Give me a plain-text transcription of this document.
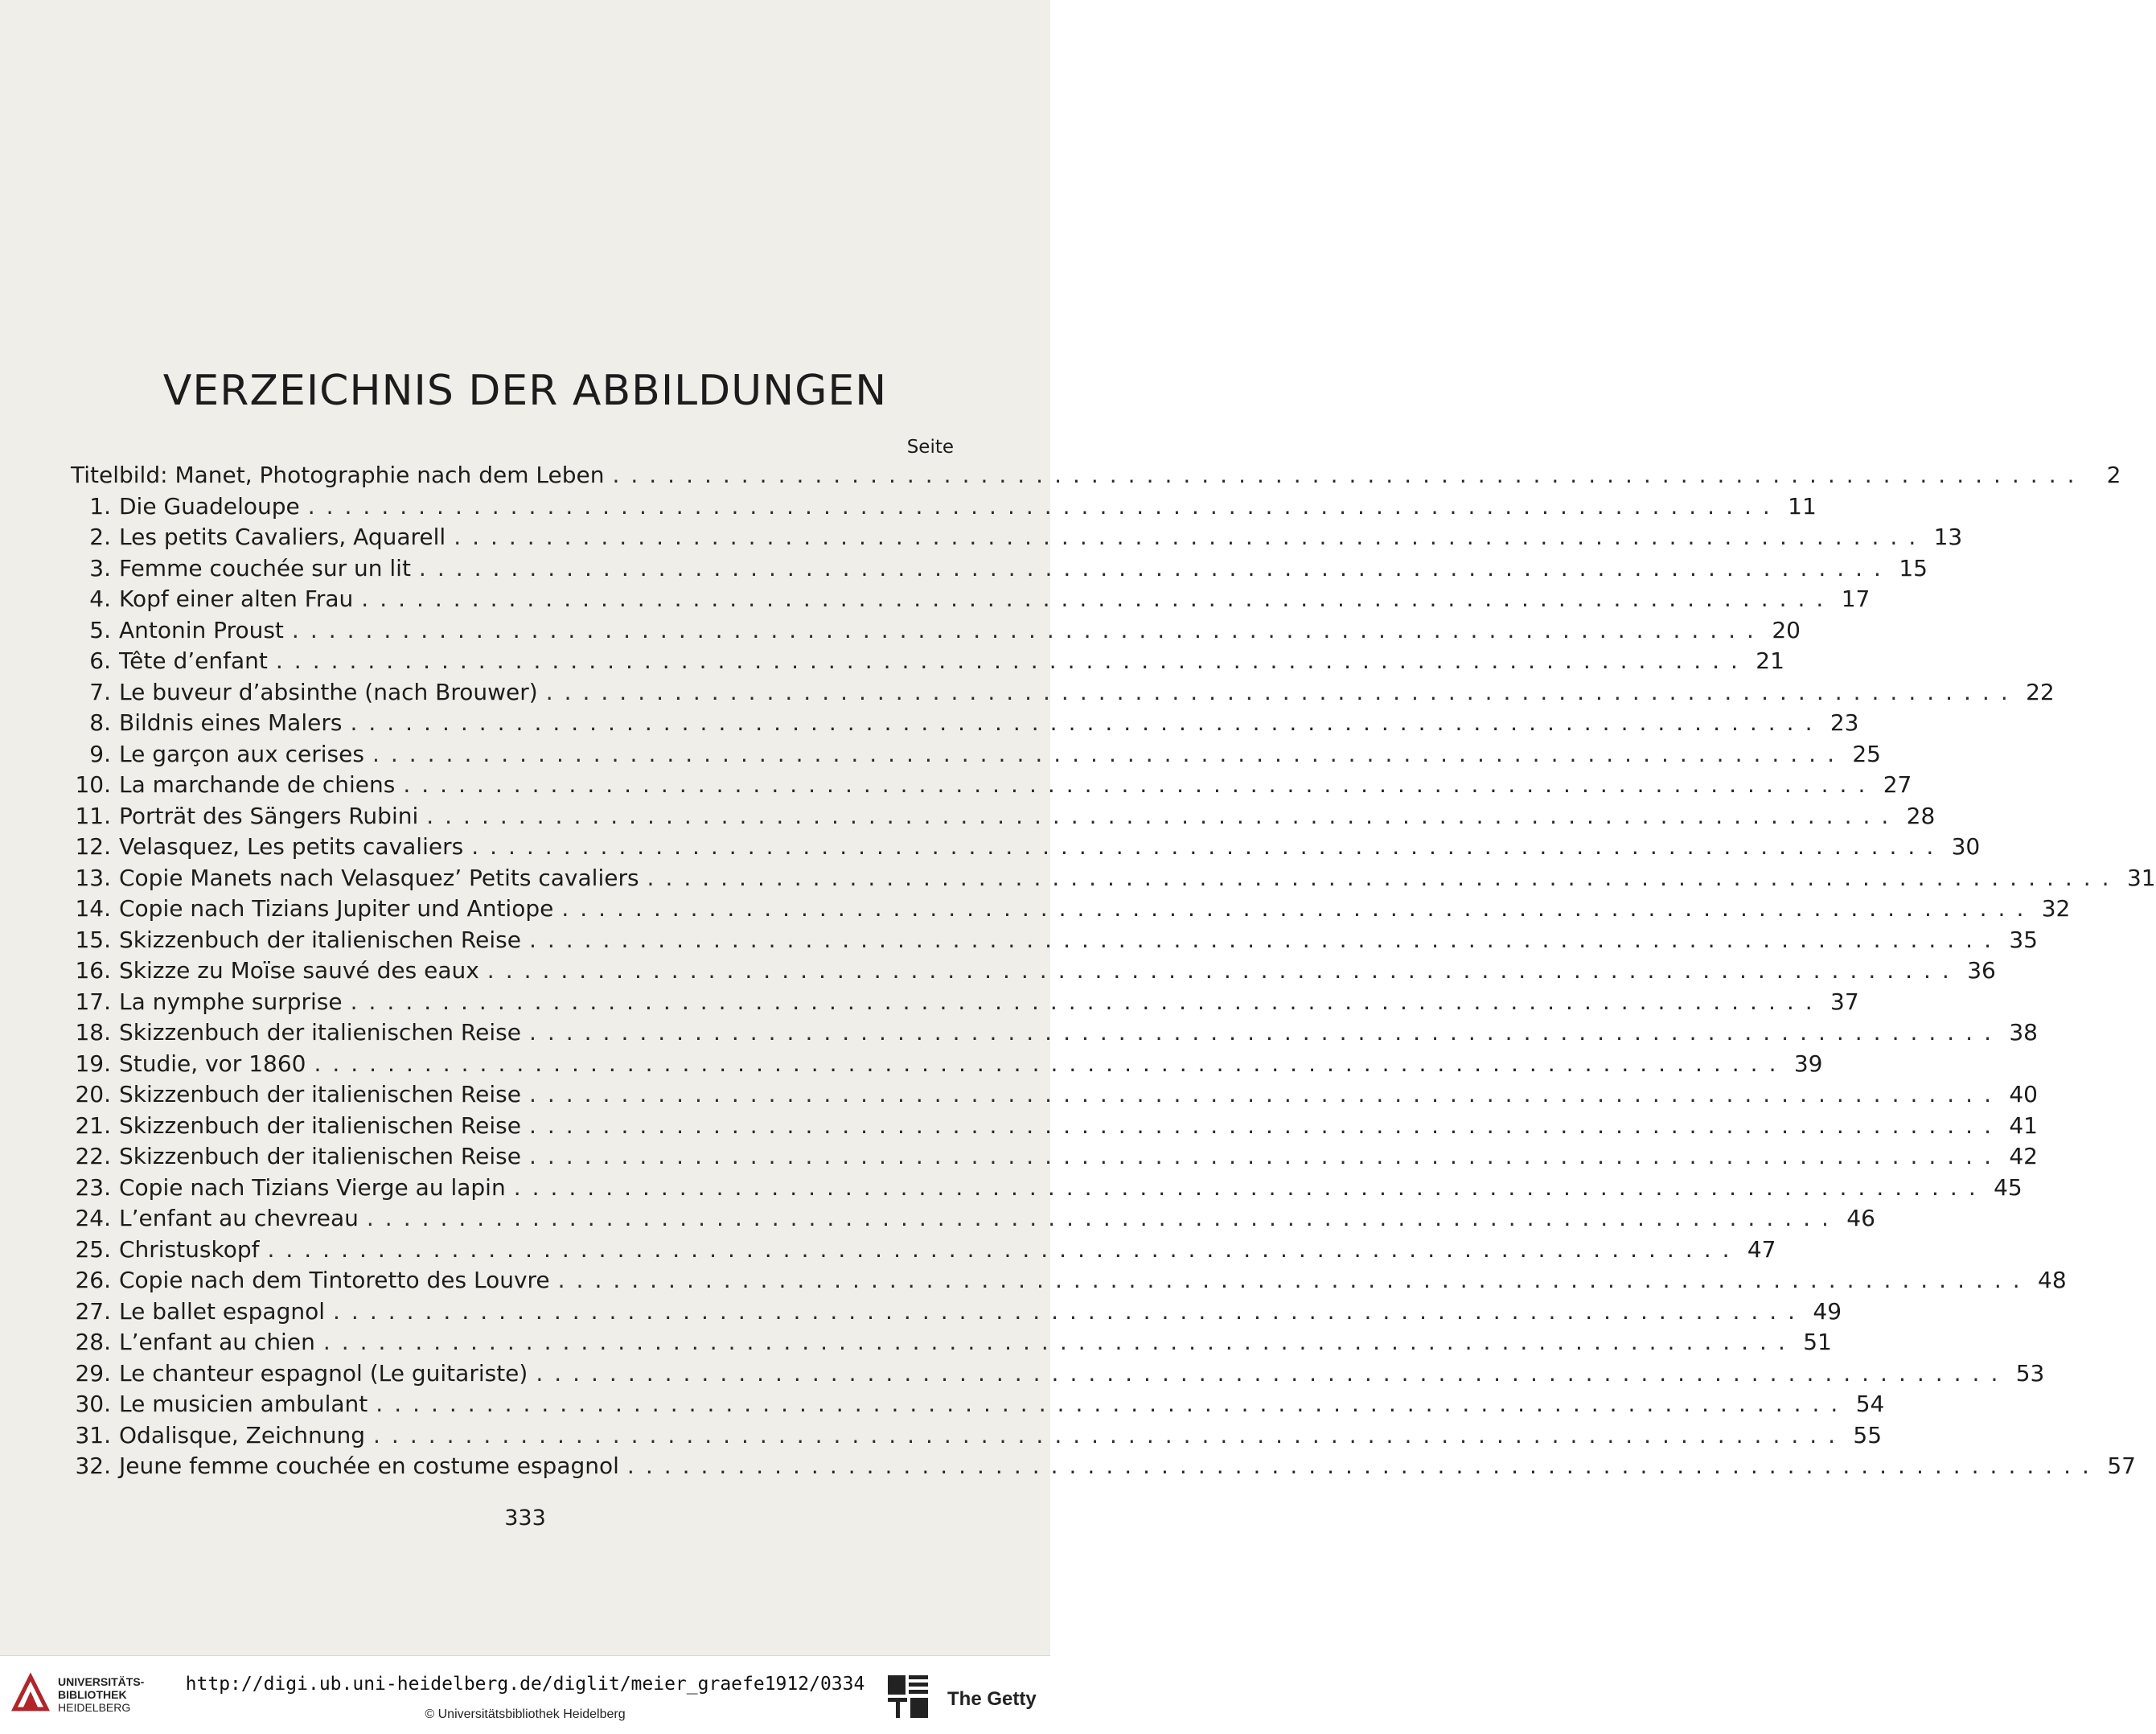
VERZEICHNIS DER ABBILDUNGEN
Seite
Titelbild: Manet, Photographie nach dem Leben ................................................................................ 2
1. Die Guadeloupe ................................................................................ 11
2. Les petits Cavaliers, Aquarell ................................................................................ 13
3. Femme couchée sur un lit ................................................................................ 15
4. Kopf einer alten Frau ................................................................................ 17
5. Antonin Proust ................................................................................ 20
6. Tête d’enfant ................................................................................ 21
7. Le buveur d’absinthe (nach Brouwer) ................................................................................ 22
8. Bildnis eines Malers ................................................................................ 23
9. Le garçon aux cerises ................................................................................ 25
10. La marchande de chiens ................................................................................ 27
11. Porträt des Sängers Rubini ................................................................................ 28
12. Velasquez, Les petits cavaliers ................................................................................ 30
13. Copie Manets nach Velasquez’ Petits cavaliers ................................................................................ 31
14. Copie nach Tizians Jupiter und Antiope ................................................................................ 32
15. Skizzenbuch der italienischen Reise ................................................................................ 35
16. Skizze zu Moïse sauvé des eaux ................................................................................ 36
17. La nymphe surprise ................................................................................ 37
18. Skizzenbuch der italienischen Reise ................................................................................ 38
19. Studie, vor 1860 ................................................................................ 39
20. Skizzenbuch der italienischen Reise ................................................................................ 40
21. Skizzenbuch der italienischen Reise ................................................................................ 41
22. Skizzenbuch der italienischen Reise ................................................................................ 42
23. Copie nach Tizians Vierge au lapin ................................................................................ 45
24. L’enfant au chevreau ................................................................................ 46
25. Christuskopf ................................................................................ 47
26. Copie nach dem Tintoretto des Louvre ................................................................................ 48
27. Le ballet espagnol ................................................................................ 49
28. L’enfant au chien ................................................................................ 51
29. Le chanteur espagnol (Le guitariste) ................................................................................ 53
30. Le musicien ambulant ................................................................................ 54
31. Odalisque, Zeichnung ................................................................................ 55
32. Jeune femme couchée en costume espagnol ................................................................................ 57
333
UNIVERSITÄTS-
BIBLIOTHEK
HEIDELBERG
http://digi.ub.uni-heidelberg.de/diglit/meier_graefe1912/0334
© Universitätsbibliothek Heidelberg
The Getty
